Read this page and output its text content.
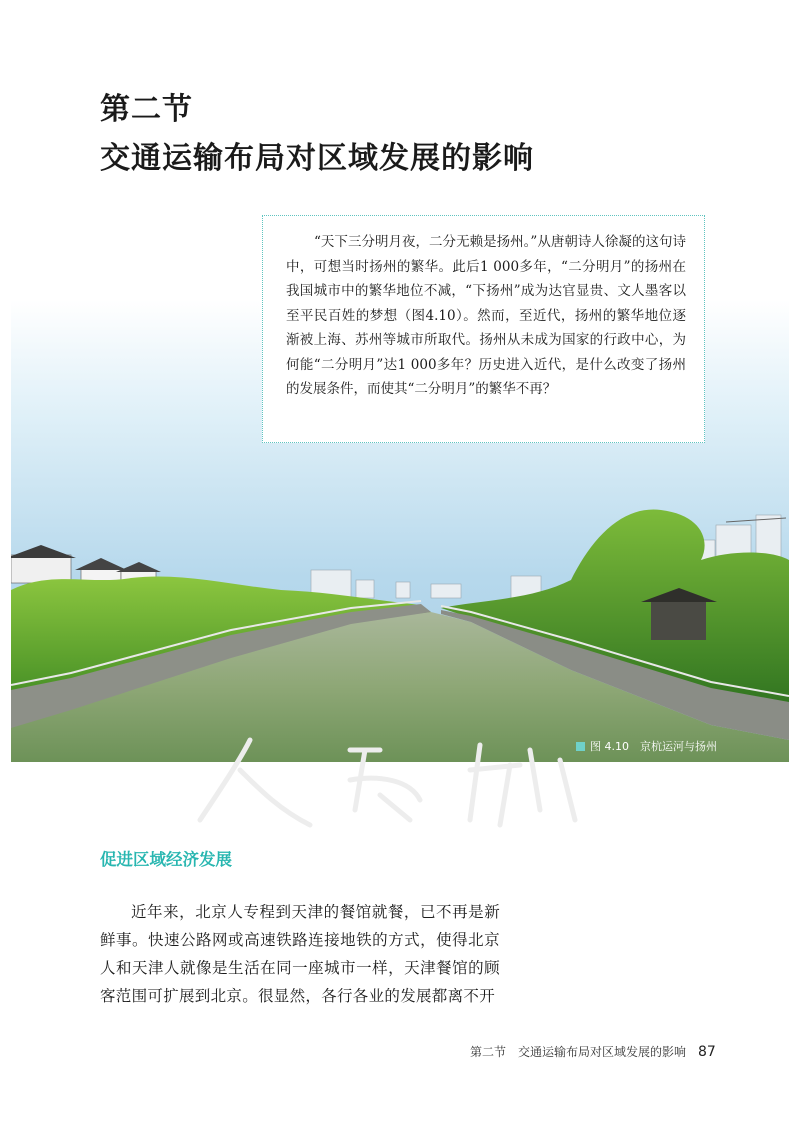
第二节
交通运输布局对区域发展的影响
“天下三分明月夜，二分无赖是扬州。”从唐朝诗人徐凝的这句诗中，可想当时扬州的繁华。此后1 000多年，“二分明月”的扬州在我国城市中的繁华地位不减，“下扬州”成为达官显贵、文人墨客以至平民百姓的梦想（图4.10）。然而，至近代，扬州的繁华地位逐渐被上海、苏州等城市所取代。扬州从未成为国家的行政中心，为何能“二分明月”达1 000多年？历史进入近代，是什么改变了扬州的发展条件，而使其“二分明月”的繁华不再？
图 4.10　京杭运河与扬州
促进区域经济发展
近年来，北京人专程到天津的餐馆就餐，已不再是新鲜事。快速公路网或高速铁路连接地铁的方式，使得北京人和天津人就像是生活在同一座城市一样，天津餐馆的顾客范围可扩展到北京。很显然，各行各业的发展都离不开
第二节　交通运输布局对区域发展的影响 87
